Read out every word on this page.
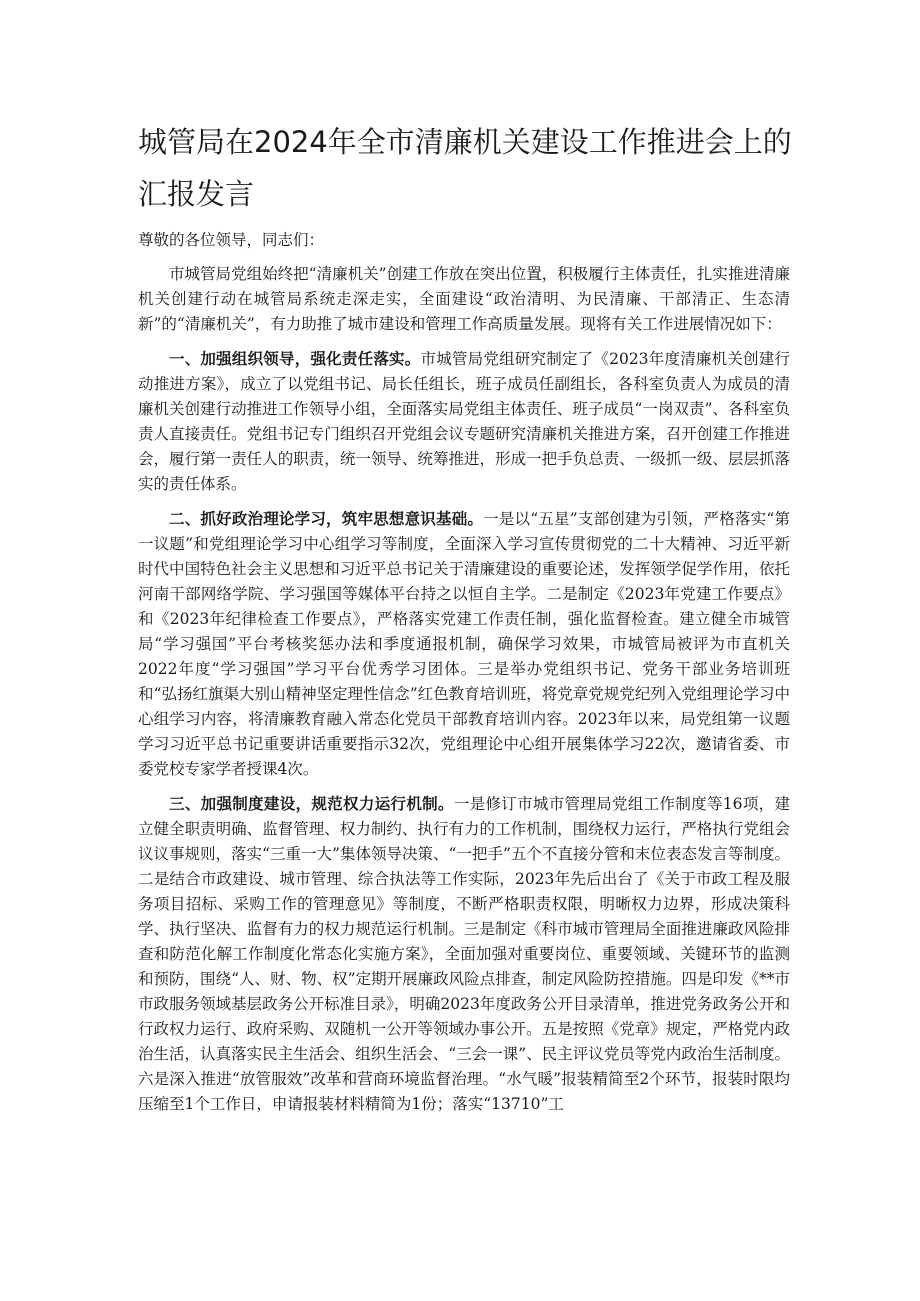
城管局在2024年全市清廉机关建设工作推进会上的汇报发言

尊敬的各位领导，同志们：

市城管局党组始终把“清廉机关”创建工作放在突出位置，积极履行主体责任，扎实推进清廉机关创建行动在城管局系统走深走实，全面建设“政治清明、为民清廉、干部清正、生态清新”的“清廉机关”，有力助推了城市建设和管理工作高质量发展。现将有关工作进展情况如下：

一、加强组织领导，强化责任落实。市城管局党组研究制定了《2023年度清廉机关创建行动推进方案》，成立了以党组书记、局长任组长，班子成员任副组长，各科室负责人为成员的清廉机关创建行动推进工作领导小组，全面落实局党组主体责任、班子成员“一岗双责”、各科室负责人直接责任。党组书记专门组织召开党组会议专题研究清廉机关推进方案，召开创建工作推进会，履行第一责任人的职责，统一领导、统筹推进，形成一把手负总责、一级抓一级、层层抓落实的责任体系。

二、抓好政治理论学习，筑牢思想意识基础。一是以“五星”支部创建为引领，严格落实“第一议题”和党组理论学习中心组学习等制度，全面深入学习宣传贯彻党的二十大精神、习近平新时代中国特色社会主义思想和习近平总书记关于清廉建设的重要论述，发挥领学促学作用，依托河南干部网络学院、学习强国等媒体平台持之以恒自主学。二是制定《2023年党建工作要点》和《2023年纪律检查工作要点》，严格落实党建工作责任制，强化监督检查。建立健全市城管局“学习强国”平台考核奖惩办法和季度通报机制，确保学习效果，市城管局被评为市直机关2022年度“学习强国”学习平台优秀学习团体。三是举办党组织书记、党务干部业务培训班和“弘扬红旗渠大别山精神坚定理性信念”红色教育培训班，将党章党规党纪列入党组理论学习中心组学习内容，将清廉教育融入常态化党员干部教育培训内容。2023年以来，局党组第一议题学习习近平总书记重要讲话重要指示32次，党组理论中心组开展集体学习22次，邀请省委、市委党校专家学者授课4次。

三、加强制度建设，规范权力运行机制。一是修订市城市管理局党组工作制度等16项，建立健全职责明确、监督管理、权力制约、执行有力的工作机制，围绕权力运行，严格执行党组会议议事规则，落实“三重一大”集体领导决策、“一把手”五个不直接分管和末位表态发言等制度。二是结合市政建设、城市管理、综合执法等工作实际，2023年先后出台了《关于市政工程及服务项目招标、采购工作的管理意见》等制度，不断严格职责权限，明晰权力边界，形成决策科学、执行坚决、监督有力的权力规范运行机制。三是制定《科市城市管理局全面推进廉政风险排查和防范化解工作制度化常态化实施方案》，全面加强对重要岗位、重要领域、关键环节的监测和预防，围绕“人、财、物、权”定期开展廉政风险点排查，制定风险防控措施。四是印发《**市市政服务领域基层政务公开标准目录》，明确2023年度政务公开目录清单，推进党务政务公开和行政权力运行、政府采购、双随机一公开等领域办事公开。五是按照《党章》规定，严格党内政治生活，认真落实民主生活会、组织生活会、“三会一课”、民主评议党员等党内政治生活制度。六是深入推进“放管服效”改革和营商环境监督治理。“水气暖”报装精简至2个环节，报装时限均压缩至1个工作日，申请报装材料精简为1份；落实“13710”工
